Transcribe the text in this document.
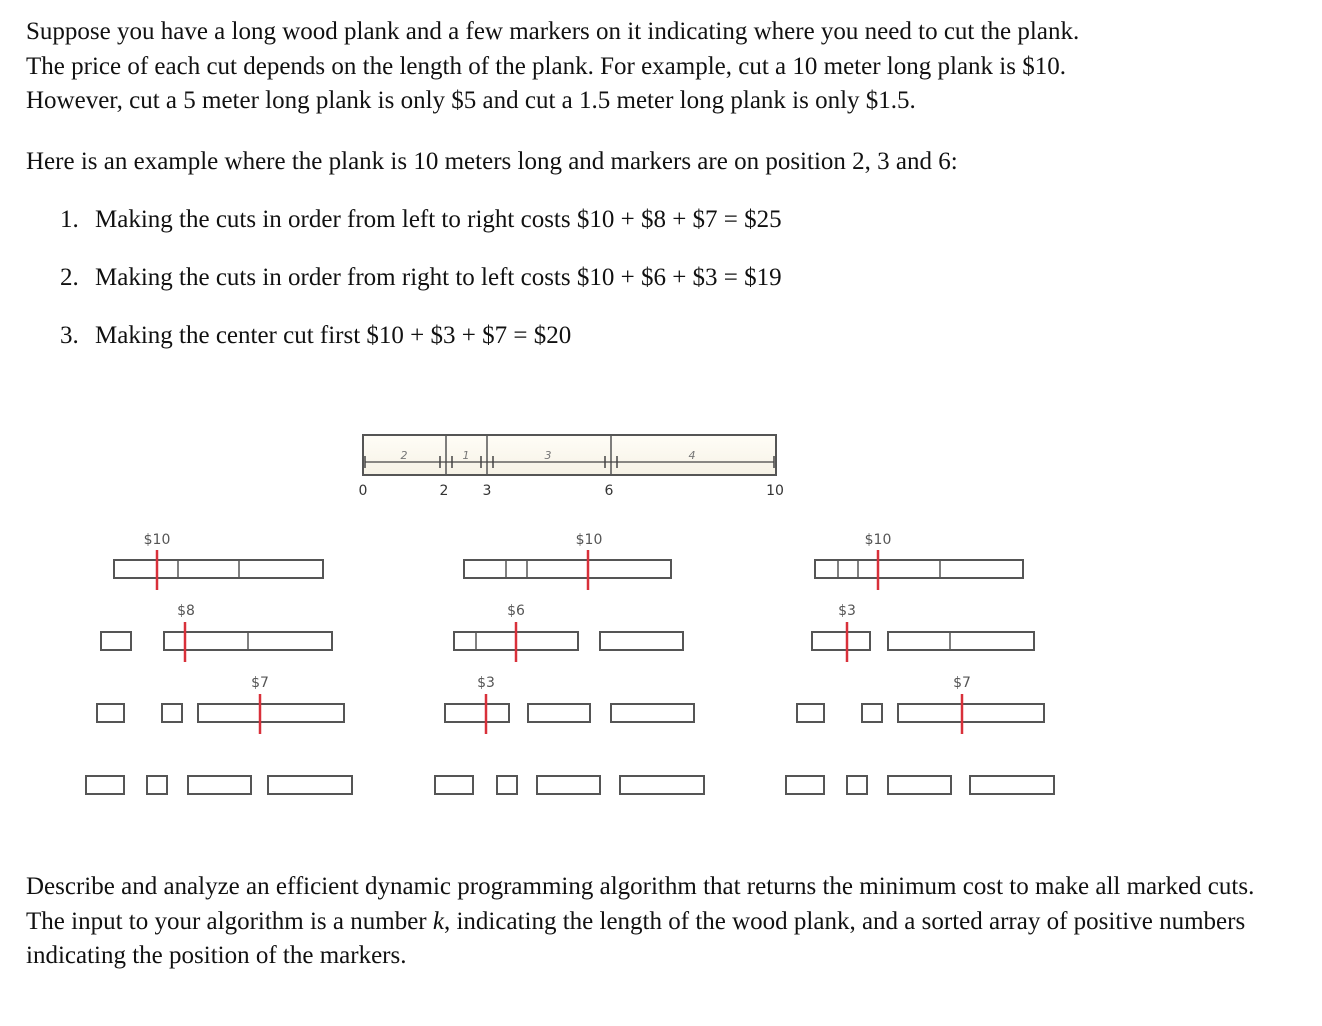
Suppose you have a long wood plank and a few markers on it indicating where you need to cut the plank.
The price of each cut depends on the length of the plank. For example, cut a 10 meter long plank is $10.
However, cut a 5 meter long plank is only $5 and cut a 1.5 meter long plank is only $1.5.

Here is an example where the plank is 10 meters long and markers are on position 2, 3 and 6:

1. Making the cuts in order from left to right costs $10 + $8 + $7 = $25
2. Making the cuts in order from right to left costs $10 + $6 + $3 = $19
3. Making the center cut first $10 + $3 + $7 = $20
2	1	3	4
0	2 3	6	10
$10
$8
$7
$10
$6
$3
$10
$3
$7

Describe and analyze an efficient dynamic programming algorithm that returns the minimum cost to make all marked cuts. The input to your algorithm is a number k, indicating the length of the wood plank, and a sorted array of positive numbers indicating the position of the markers.
